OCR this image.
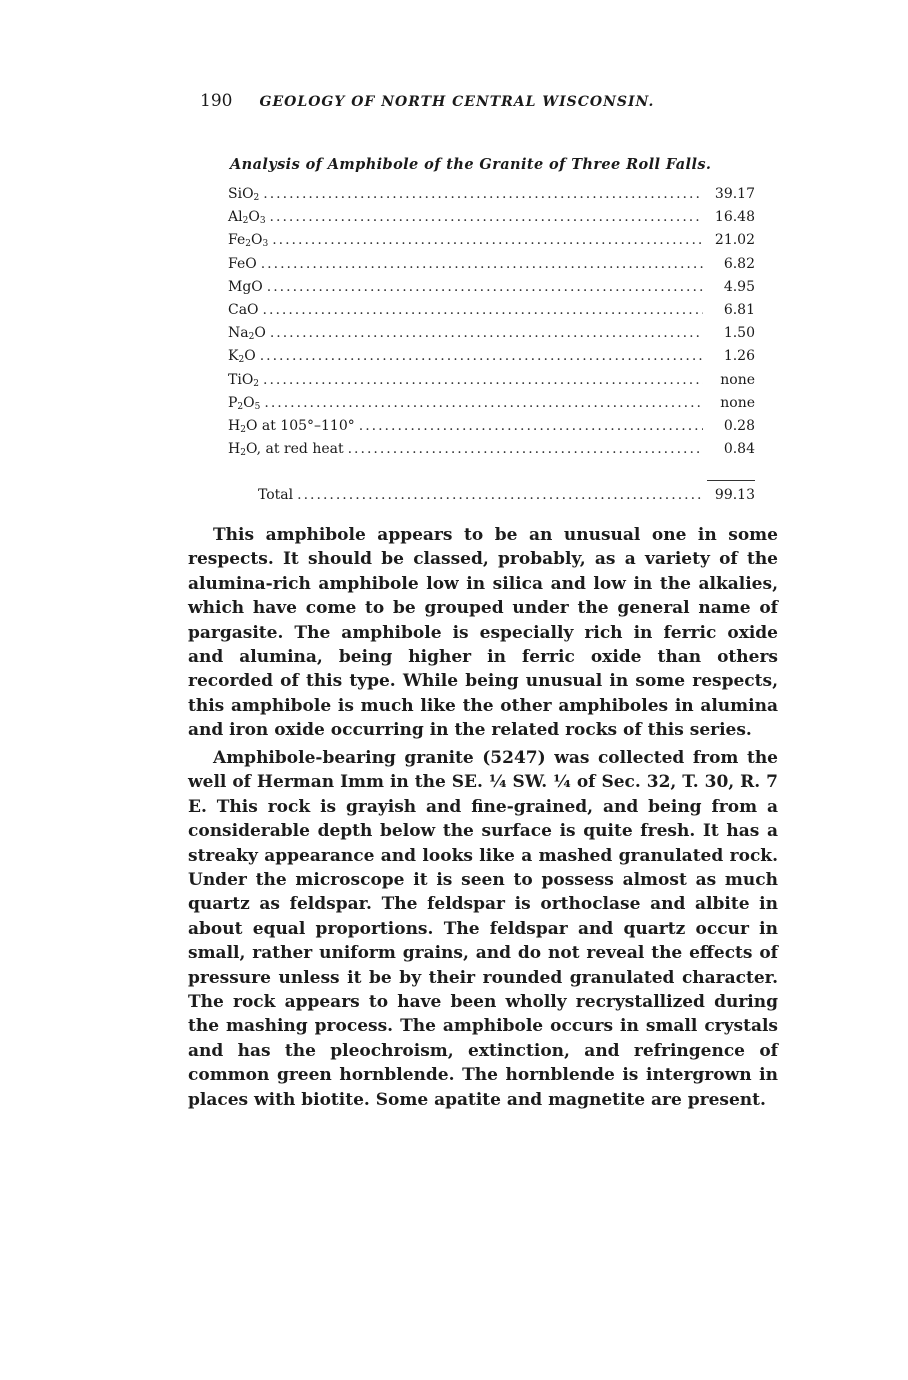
190 GEOLOGY OF NORTH CENTRAL WISCONSIN.
Analysis of Amphibole of the Granite of Three Roll Falls.
SiO$_2$ .....	39.17
$Al_2O_3$ .....	16.48
$Fe_2O_3$ .....	21.02
FeO .....	6.82
MgO .....	4.95
CaO .....	6.81
$Na_2O$ .....	1.50
$K_2O$ .....	1.26
TiO$_2$ .....	none
$P_2O_5$ .....	none
$H_2O$ at 105°–110° .....	0.28
$H_2O$, at red heat .....	0.84
Total .....	99.13
This amphibole appears to be an unusual one in some respects. It should be classed, probably, as a variety of the alumina-rich amphibole low in silica and low in the alkalies, which have come to be grouped under the general name of pargasite. The amphibole is especially rich in ferric oxide and alumina, being higher in ferric oxide than others recorded of this type. While being unusual in some respects, this amphibole is much like the other amphiboles in alumina and iron oxide occurring in the related rocks of this series.
Amphibole-bearing granite (5247) was collected from the well of Herman Imm in the SE. ¼ SW. ¼ of Sec. 32, T. 30, R. 7 E. This rock is grayish and fine-grained, and being from a considerable depth below the surface is quite fresh. It has a streaky appearance and looks like a mashed granulated rock. Under the microscope it is seen to possess almost as much quartz as feldspar. The feldspar is orthoclase and albite in about equal proportions. The feldspar and quartz occur in small, rather uniform grains, and do not reveal the effects of pressure unless it be by their rounded granulated character. The rock appears to have been wholly recrystallized during the mashing process. The amphibole occurs in small crystals and has the pleochroism, extinction, and refringence of common green hornblende. The hornblende is intergrown in places with biotite. Some apatite and magnetite are present.
